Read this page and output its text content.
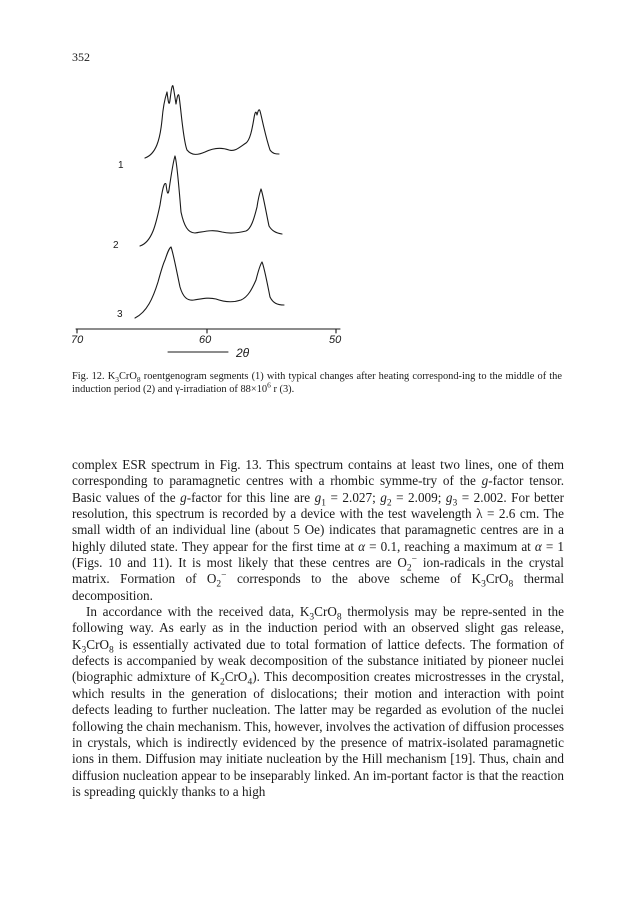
352
1
2
3
70	60	50
2θ
Fig. 12. $K_3CrO_8$ roentgenogram segments (1) with typical changes after heating correspond-ing to the middle of the induction period (2) and γ-irradiation of $88\times 10^6$ r (3).

complex ESR spectrum in Fig. 13. This spectrum contains at least two lines, one of them corresponding to paramagnetic centres with a rhombic symme-try of the g-factor tensor. Basic values of the g-factor for this line are $g_1 = 2.027$; $g_2 = 2.009$; $g_3 = 2.002$. For better resolution, this spectrum is recorded by a device with the test wavelength λ = 2.6 cm. The small width of an individual line (about 5 Oe) indicates that paramagnetic centres are in a highly diluted state. They appear for the first time at α = 0.1, reaching a maximum at α = 1 (Figs. 10 and 11). It is most likely that these centres are $O_2^-$ ion-radicals in the crystal matrix. Formation of $O_2^-$ corresponds to the above scheme of $K_3CrO_8$ thermal decomposition.

In accordance with the received data, $K_3CrO_8$ thermolysis may be repre-sented in the following way. As early as in the induction period with an observed slight gas release, $K_3CrO_8$ is essentially activated due to total formation of lattice defects. The formation of defects is accompanied by weak decomposition of the substance initiated by pioneer nuclei (biographic admixture of $K_2CrO_4$). This decomposition creates microstresses in the crystal, which results in the generation of dislocations; their motion and interaction with point defects leading to further nucleation. The latter may be regarded as evolution of the nuclei following the chain mechanism. This, however, involves the activation of diffusion processes in crystals, which is indirectly evidenced by the presence of matrix-isolated paramagnetic ions in them. Diffusion may initiate nucleation by the Hill mechanism [19]. Thus, chain and diffusion nucleation appear to be inseparably linked. An im-portant factor is that the reaction is spreading quickly thanks to a high
